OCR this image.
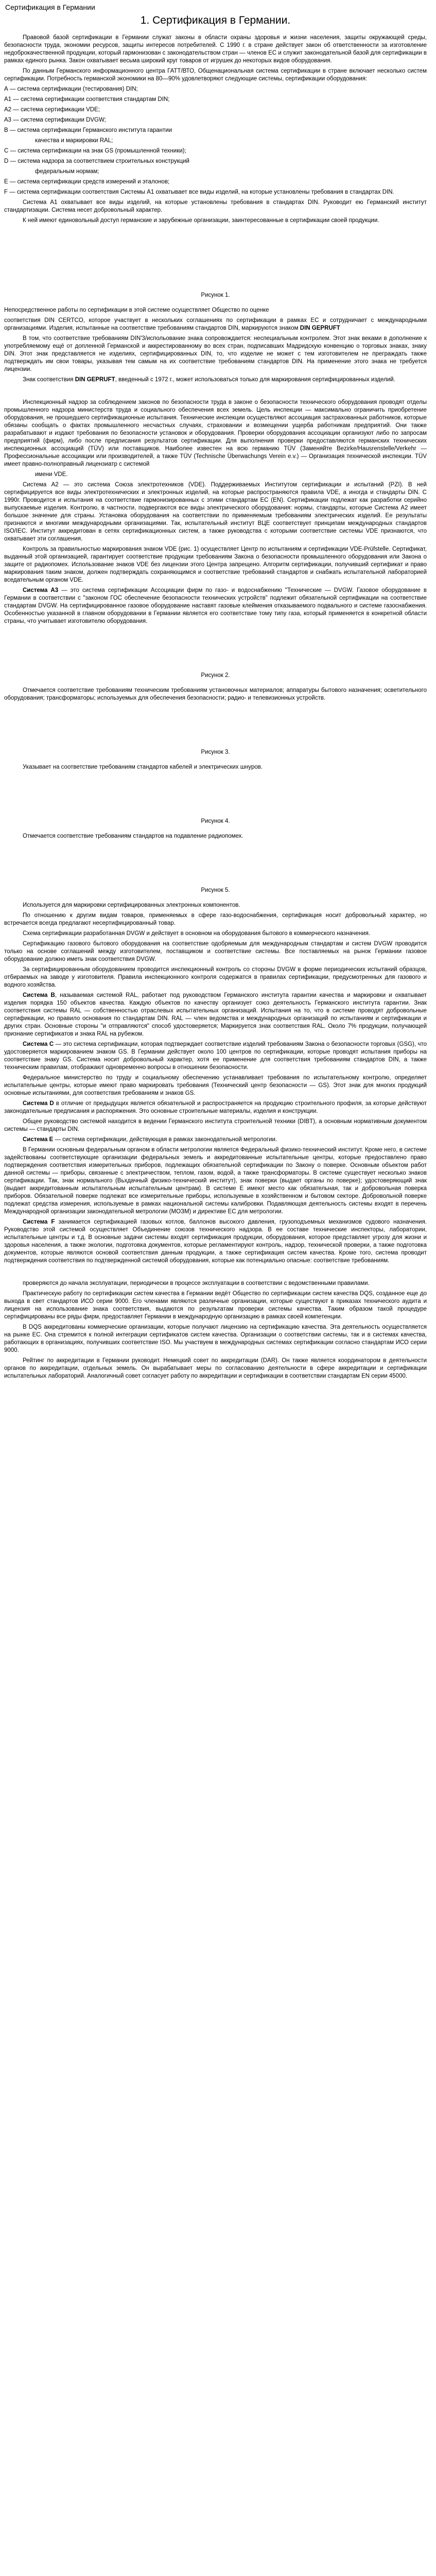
Сертификация в Германии
1. Сертификация в Германии.

Правовой базой сертификации в Германии служат законы в области охраны здоровья и жизни населения, защиты окружающей среды, безопасности труда, экономии ресурсов, защиты интересов потребителей. С 1990 г. в стране действует закон об ответственности за изготовление недоброкачественной продукции, который гармонизован с законодательством стран — членов ЕС и служит законодательной базой для сертификации в рамках единого рынка. Закон охватывает весьма широкий круг товаров от игрушек до некоторых видов оборудования.

По данным Германского информационного центра ГАТТ/ВТО, Общенациональная система сертификации в стране включает несколько систем сертификации. Потребность германской экономики на 80—90% удовлетворяют следующие системы, сертификации оборудования:

А — система сертификации (тестирования) DIN;

А1 — система сертификации соответствия стандартам DIN;

А2 — система сертификации VDE;

А3 — система сертификации DVGW;

В — система сертификации Германского института гарантии

качества и маркировки RAL;

С — система сертификации на знак GS (промышленной техники);

D — система надзора за соответствием строительных конструкций

федеральным нормам;

Е — система сертификации средств измерений и эталонов;

F — система сертификации соответствия Системы А1 охватывает все виды изделий, на которые установлены требования в стандартах DIN.

Система А1 охватывает все виды изделий, на которые установлены требования в стандартах DIN. Руководит ею Германский институт стандартизации. Система несет добровольный характер.

К ней имеют единовольный доступ германские и зарубежные организации, заинтересованные в сертификации своей продукции.

Рисунок 1.

Непосредственное работы по сертификации в этой системе осуществляет Общество по оценке

соответствия DIN CERTCO, которое участвует в нескольких соглашениях по сертификации в рамках ЕС и сотрудничает с международными организациями. Изделия, испытанные на соответствие требованиям стандартов DIN, маркируются знаком DIN GEPRUFT

В том, что соответствие требованиям DIN'3/испольование знака сопровождается: неспециальным контролем. Этот знак веками в дополнение к употребляемому ещё от допленной Германской и аккрестированному во всех стран, подписавших Мадридскую конвенцию о торговых знаках, знаку DIN. Этот знак представляется не изделиях, сертифицированных DIN, то, что изделие не может с тем изготовителем не преграждать также подтверждать им свои товары, указывая тем самым на их соответствие требованиям стандартов DIN. На применение этого знака не требуется лицензии.

Знак соответствия DIN GEPRUFT, введенный с 1972 г., может использоваться только для маркирования сертифицированных изделий.

Инспекционный надзор за соблюдением законов по безопасности труда в законе о безопасности технического оборудования проводят отделы промышленного надзора министерств труда и социального обеспечения всех земель. Цель инспекции — максимально ограничить приобретение оборудования, не прошедшего сертификационные испытания. Технические инспекции осуществляют ассоциация застрахованных работников, которые обязаны сообщать о фактах промышленного несчастных случаях, страховании и возмещении ущерба работникам предприятий. Они также разрабатывают и издают требования по безопасности установок и оборудования. Проверки оборудования ассоциации организуют либо по запросам предприятий (фирм), либо после предписания результатов сертификации. Для выполнения проверки предоставляются германских технических инспекционных ассоциаций (TÜV) или поставщиков. Наиболее известен на всю германию TÜV (Заменяйте Bezirke/Hausrenstelle/Verkehr — Профессиональные ассоциации или производителей, а также TÜV (Technische Überwachungs Verein e.v.) — Организация технической инспекции. TÜV имеет правно-полноправный лицензиатр с системой

имени VDE.

Система А2 — это система Союза электротехников (VDE). Поддерживаемых Институтом сертификации и испытаний (PZI). В ней сертифицируется все виды электротехнических и электронных изделий, на которые распространяются правила VDE, а иногда и стандарты DIN. С 1990г. Проводится и испытания на соответствие гармонизированных с этими стандартам ЕС (EN). Сертификации подлежат как разработки серийно выпускаемые изделия. Контролю, в частности, подвергаются все виды электрического оборудования: нормы, стандарты, которые Система A2 имеет большое значение для страны. Установка оборудования на соответствии по применяемым требованиям электрических изделий. Ее результаты признаются и многими международными организациями. Так, испытательный институт ВЦЕ соответствует принципам международных стандартов ISO/IEC. Институт аккредитован в сетях сертификационных систем, а также руководства с которыми соответствие системы VDE признаются, что охватывает эти соглашения.

Контроль за правильностью маркирования знаком VDE (рис. 1) осуществляет Центр по испытаниям и сертификации VDE-Prüfstelle. Сертификат, выданный этой организацией, гарантирует соответствие продукции требованиям Закона о безопасности промышленного оборудования или Закона о защите от радиопомех. Использование знаков VDE без лицензии этого Центра запрещено. Алгоритм сертификации, получивший сертификат и право маркирования таким знаком, должен подтверждать сохраняющимся и соответствие требований стандартов и снабжать испытательной лабораторией вседательным органом VDE.

Система А3 — это система сертификации Ассоциации фирм по газо- и водоснабжению "Технические — DVGW. Газовое оборудование в Германии в соответствии с "законом ГОС обеспечение безопасности технических устройств" подлежит обязательной сертификации на соответствие стандартам DVGW. На сертифицированное газовое оборудование наставят газовые клеймения отказываемого подвального и системе газоснабжения. Особенностью указанной в главном оборудовании в Германии является его соответствие тому типу газа, который применяется в конкретной области страны, что учитывает изготовителю оборудования.

Рисунок 2.

Отмечается соответствие требованиям техническим требованиям установочных материалов; аппаратуры бытового назначения; осветительного оборудования; трансформаторы; используемых для обеспечения безопасности; радио- и телевизионных устройств.

Рисунок 3.

Указывает на соответствие требованиям стандартов кабелей и электрических шнуров.

Рисунок 4.

Отмечается соответствие требованиям стандартов на подавление радиопомех.

Рисунок 5.

Используется для маркировки сертифицированных электронных компонентов.

По отношению к другим видам товаров, применяемых в сфере газо-водоснабжения, сертификация носит добровольный характер, но встречается всегда предлагают несертифицированный товар.

Схема сертификации разработанная DVGW и действует в основном на оборудования бытового в коммерческого назначения.

Сертификацию газового бытового оборудования на соответствие одобряемым для международным стандартам и систем DVGW проводится только на основе соглашений между изготовителем, поставщиком и соответствие системы. Все поставляемых на рынок Германии газовое оборудование должно иметь знак соответствия DVGW.

За сертифицированным оборудованием проводится инспекционный контроль со стороны DVGW в форме периодических испытаний образцов, отбираемых на заводе у изготовителя. Правила инспекционного контроля содержатся в правилах сертификации, предусмотренных для газового и водного хозяйства.

Система В, называемая системой RAL, работает под руководством Германского института гарантии качества и маркировки и охватывает изделия порядка 150 объектов качества. Каждую объектов по качеству организует союз деятельность Германского института гарантии. Знак соответствия системы RAL — собственностью отраслевых испытательных организаций. Испытания на то, что в системе проводят добровольные сертификации, но правило основания по стандартам DIN. RAL — член ведомства и международных организаций по испытаниям и сертификации и других стран. Основные стороны "и отправляются" способ удостоверяется; Маркируется знак соответствия RAL. Около 7% продукции, получающей признание сертификатов и знака RAL на рубежом.

Система С — это система сертификации, которая подтверждает соответствие изделий требованиям Закона о безопасности торговых (GSG), что удостоверяется маркированием знаком GS. В Германии действует около 100 центров по сертификации, которые проводят испытания приборы на соответствие знаку GS. Система носит добровольный характер, хотя ее применение для соответствия требованиям стандартов DIN, а также техническим правилам, отображают одновременно вопросы в отношении безопасности.

Федеральное министерство по труду и социальному обеспечению устанавливает требования по испытательному контролю, определяет испытательные центры, которые имеют право маркировать требования (Технический центр безопасности — GS). Этот знак для многих продукций основные испытаниями, для соответствия требованиям и знаков GS.

Система D в отличие от предыдущих является обязательной и распространяется на продукцию строительного профиля, за которые действуют законодательные предписания и распоряжения. Это основные строительные материалы, изделия и конструкции.

Общее руководство системой находится в ведении Германского института строительной техники (DIBT), а основным нормативным документом системы — стандарты DIN.

Система Е — система сертификации, действующая в рамках законодательной метрологии.

В Германии основным федеральным органом в области метрологии является Федеральный физико-технический институт. Кроме него, в системе задействованы соответствующие организации федеральных земель и аккредитованные испытательные центры, которые предоставлено право подтверждения соответствия измерительных приборов, подлежащих обязательной сертификации по Закону о поверке. Основным объектом работ данной системы — приборы, связанные с электричеством, теплом, газом, водой, а также трансформаторы. В системе существует несколько знаков сертификации. Так, знак нормального (Вьхдачный физико-технический институт), знак поверки (выдает органы по поверке); удостоверяющий знак (выдает аккредитованным испытательным испытательным центрам). В системе Е имеют место как обязательная, так и добровольная поверка приборов. Обязательной поверке подлежат все измерительные приборы, используемые в хозяйственном и бытовом секторе. Добровольной поверке подлежат средства измерения, используемые в рамках национальной системы калибровки. Подавляющая деятельность системы входят в перечень Международной организации законодательной метрологии (МОЗМ) и директиве ЕС для метрологии.

Система F занимается сертификацией газовых котлов, баллонов высокого давления, грузоподъемных механизмов судового назначения. Руководство этой системой осуществляет Объединение союзов технического надзора. В ее составе технические инспекторы, лаборатории, испытательные центры и т.д. В основные задачи системы входят сертификация продукции, оборудования, которое представляет угрозу для жизни и здоровья населения, а также экологии, подготовка документов, которые регламентируют контроль, надзор, технической проверки, а также подготовка документов, которые являются основой соответствия данным продукции, а также сертификация систем качества. Кроме того, система проводит подтверждения соответствия по подтвержденной системой оборудования, которые как потенциально опасные: соответствие требованиям.

проверяются до начала эксплуатации, периодически в процессе эксплуатации в соответствии с ведомственными правилами.

Практическую работу по сертификации систем качества в Германии ведёт Общество по сертификации систем качества DQS, созданное еще до выхода в свет стандартов ИСО серии 9000. Его членами являются различные организации, которые существуют в приказах технического аудита и лицензия на использование знака соответствия, выдаются по результатам проверки системы качества. Таким образом такой процедуре сертифицированы все ряды фирм, предоставляет Германии в международную организацию в рамках своей компетенции.

В DQS аккредитованы коммерческие организации, которые получают лицензию на сертификацию качества. Эта деятельность осуществляется на рынке ЕС. Она стремится к полной интеграции сертификатов систем качества. Организации о соответствии системы, так и в системах качества, работающих в организациях, получивших соответствие ISO. Мы участвуем в международных системах сертификации согласно стандартам ИСО серии 9000.

Рейтинг по аккредитации в Германии руководит. Немецкий совет по аккредитации (DAR). Он также является координатором в деятельности органов по аккредитации, отдельных земель. Он вырабатывает меры по согласованию деятельности в сфере аккредитации и сертификации испытательных лабораторий. Аналогичный совет согласует работу по аккредитации и сертификации в соответствии стандартам EN серии 45000.
